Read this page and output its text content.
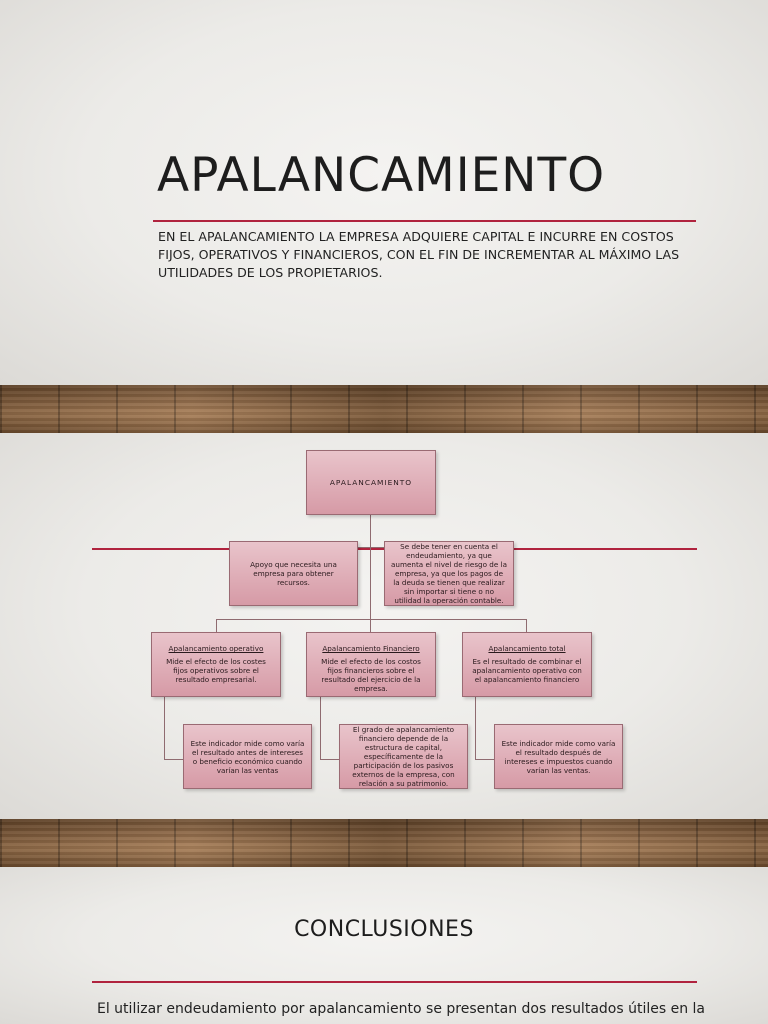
APALANCAMIENTO
EN EL APALANCAMIENTO LA EMPRESA ADQUIERE CAPITAL E INCURRE EN COSTOS FIJOS, OPERATIVOS Y FINANCIEROS, CON EL FIN DE INCREMENTAR AL MÁXIMO LAS UTILIDADES DE LOS PROPIETARIOS.
APALANCAMIENTO
Apoyo que necesita una empresa para obtener recursos.
Se debe tener en cuenta el endeudamiento, ya que aumenta el nivel de riesgo de la empresa, ya que los pagos de la deuda se tienen que realizar sin importar si tiene o no utilidad la operación contable.
Apalancamiento operativo
Mide el efecto de los costes fijos operativos sobre el resultado empresarial.
Apalancamiento Financiero
Mide el efecto de los costos fijos financieros sobre el resultado del ejercicio de la empresa.
Apalancamiento total
Es el resultado de combinar el apalancamiento operativo con el apalancamiento financiero
Este indicador mide como varía el resultado antes de intereses o beneficio económico cuando varían las ventas
El grado de apalancamiento financiero depende de la estructura de capital, específicamente de la participación de los pasivos externos de la empresa, con relación a su patrimonio.
Este indicador mide como varía el resultado después de intereses e impuestos cuando varían las ventas.
CONCLUSIONES
El utilizar endeudamiento por apalancamiento se presentan dos resultados útiles en la
